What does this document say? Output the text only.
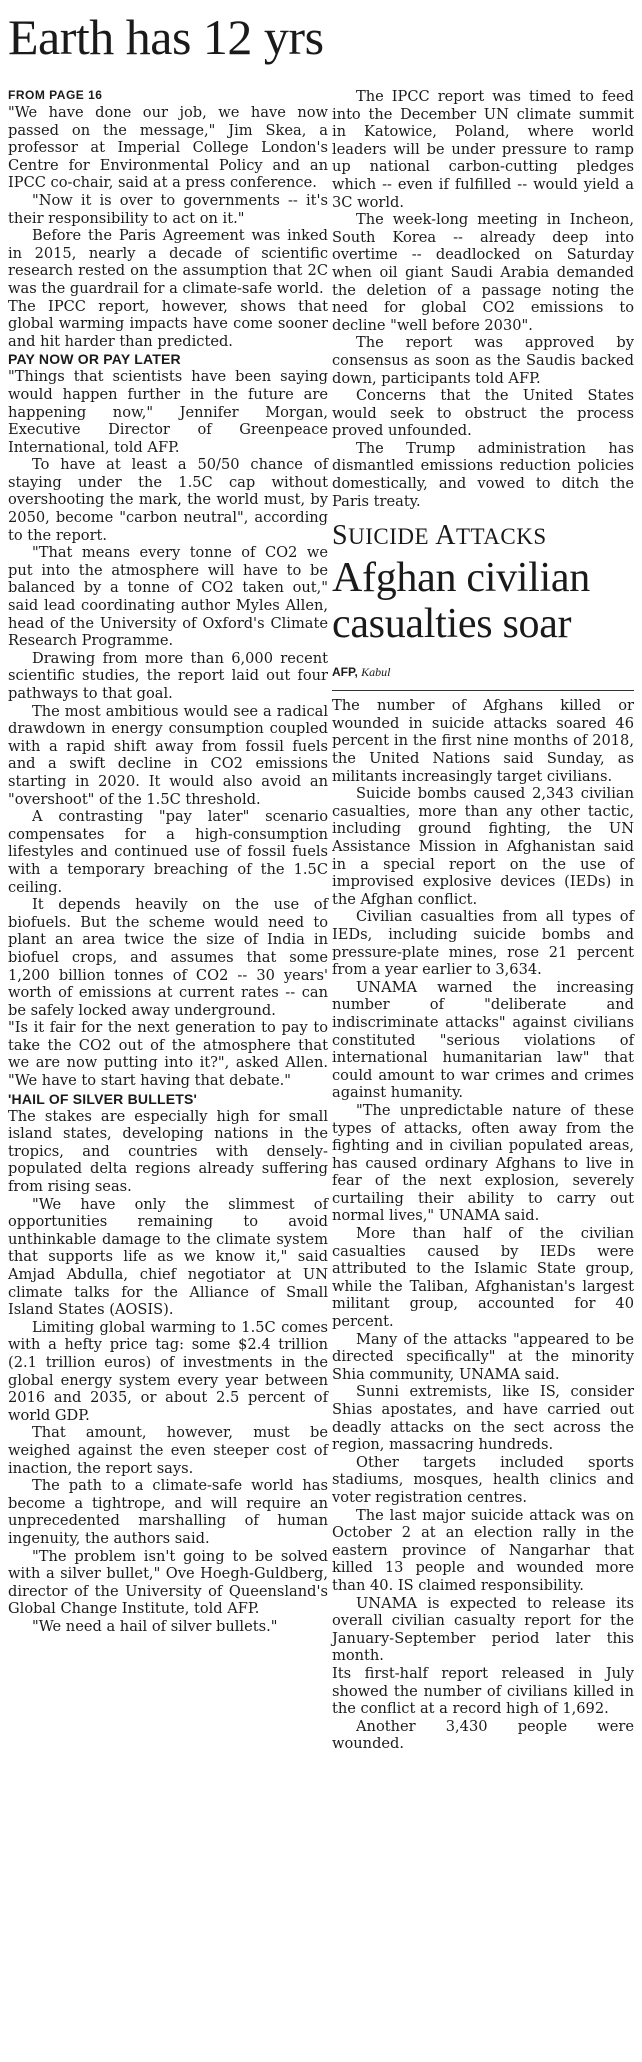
Earth has 12 yrs
FROM PAGE 16

"We have done our job, we have now passed on the message," Jim Skea, a professor at Imperial College London's Centre for Environmental Policy and an IPCC co-chair, said at a press conference.

"Now it is over to governments -- it's their responsibility to act on it."

Before the Paris Agreement was inked in 2015, nearly a decade of scientific research rested on the assumption that 2C was the guardrail for a climate-safe world.

The IPCC report, however, shows that global warming impacts have come sooner and hit harder than predicted.

PAY NOW OR PAY LATER

"Things that scientists have been saying would happen further in the future are happening now," Jennifer Morgan, Executive Director of Greenpeace International, told AFP.

To have at least a 50/50 chance of staying under the 1.5C cap without overshooting the mark, the world must, by 2050, become "carbon neutral", according to the report.

"That means every tonne of CO2 we put into the atmosphere will have to be balanced by a tonne of CO2 taken out," said lead coordinating author Myles Allen, head of the University of Oxford's Climate Research Programme.

Drawing from more than 6,000 recent scientific studies, the report laid out four pathways to that goal.

The most ambitious would see a radical drawdown in energy consumption coupled with a rapid shift away from fossil fuels and a swift decline in CO2 emissions starting in 2020. It would also avoid an "overshoot" of the 1.5C threshold.

A contrasting "pay later" scenario compensates for a high-consumption lifestyles and continued use of fossil fuels with a temporary breaching of the 1.5C ceiling.

It depends heavily on the use of biofuels. But the scheme would need to plant an area twice the size of India in biofuel crops, and assumes that some 1,200 billion tonnes of CO2 -- 30 years' worth of emissions at current rates -- can be safely locked away underground.

"Is it fair for the next generation to pay to take the CO2 out of the atmosphere that we are now putting into it?", asked Allen. "We have to start having that debate."

'HAIL OF SILVER BULLETS'

The stakes are especially high for small island states, developing nations in the tropics, and countries with densely-populated delta regions already suffering from rising seas.

"We have only the slimmest of opportunities remaining to avoid unthinkable damage to the climate system that supports life as we know it," said Amjad Abdulla, chief negotiator at UN climate talks for the Alliance of Small Island States (AOSIS).

Limiting global warming to 1.5C comes with a hefty price tag: some $2.4 trillion (2.1 trillion euros) of investments in the global energy system every year between 2016 and 2035, or about 2.5 percent of world GDP.

That amount, however, must be weighed against the even steeper cost of inaction, the report says.

The path to a climate-safe world has become a tightrope, and will require an unprecedented marshalling of human ingenuity, the authors said.

"The problem isn't going to be solved with a silver bullet," Ove Hoegh-Guldberg, director of the University of Queensland's Global Change Institute, told AFP.

"We need a hail of silver bullets."

The IPCC report was timed to feed into the December UN climate summit in Katowice, Poland, where world leaders will be under pressure to ramp up national carbon-cutting pledges which -- even if fulfilled -- would yield a 3C world.

The week-long meeting in Incheon, South Korea -- already deep into overtime -- deadlocked on Saturday when oil giant Saudi Arabia demanded the deletion of a passage noting the need for global CO2 emissions to decline "well before 2030".

The report was approved by consensus as soon as the Saudis backed down, participants told AFP.

Concerns that the United States would seek to obstruct the process proved unfounded.

The Trump administration has dismantled emissions reduction policies domestically, and vowed to ditch the Paris treaty.

SUICIDE ATTACKS
Afghan civilian casualties soar
AFP, Kabul

The number of Afghans killed or wounded in suicide attacks soared 46 percent in the first nine months of 2018, the United Nations said Sunday, as militants increasingly target civilians.

Suicide bombs caused 2,343 civilian casualties, more than any other tactic, including ground fighting, the UN Assistance Mission in Afghanistan said in a special report on the use of improvised explosive devices (IEDs) in the Afghan conflict.

Civilian casualties from all types of IEDs, including suicide bombs and pressure-plate mines, rose 21 percent from a year earlier to 3,634.

UNAMA warned the increasing number of "deliberate and indiscriminate attacks" against civilians constituted "serious violations of international humanitarian law" that could amount to war crimes and crimes against humanity.

"The unpredictable nature of these types of attacks, often away from the fighting and in civilian populated areas, has caused ordinary Afghans to live in fear of the next explosion, severely curtailing their ability to carry out normal lives," UNAMA said.

More than half of the civilian casualties caused by IEDs were attributed to the Islamic State group, while the Taliban, Afghanistan's largest militant group, accounted for 40 percent.

Many of the attacks "appeared to be directed specifically" at the minority Shia community, UNAMA said.

Sunni extremists, like IS, consider Shias apostates, and have carried out deadly attacks on the sect across the region, massacring hundreds.

Other targets included sports stadiums, mosques, health clinics and voter registration centres.

The last major suicide attack was on October 2 at an election rally in the eastern province of Nangarhar that killed 13 people and wounded more than 40. IS claimed responsibility.

UNAMA is expected to release its overall civilian casualty report for the January-September period later this month.

Its first-half report released in July showed the number of civilians killed in the conflict at a record high of 1,692.

Another 3,430 people were wounded.
